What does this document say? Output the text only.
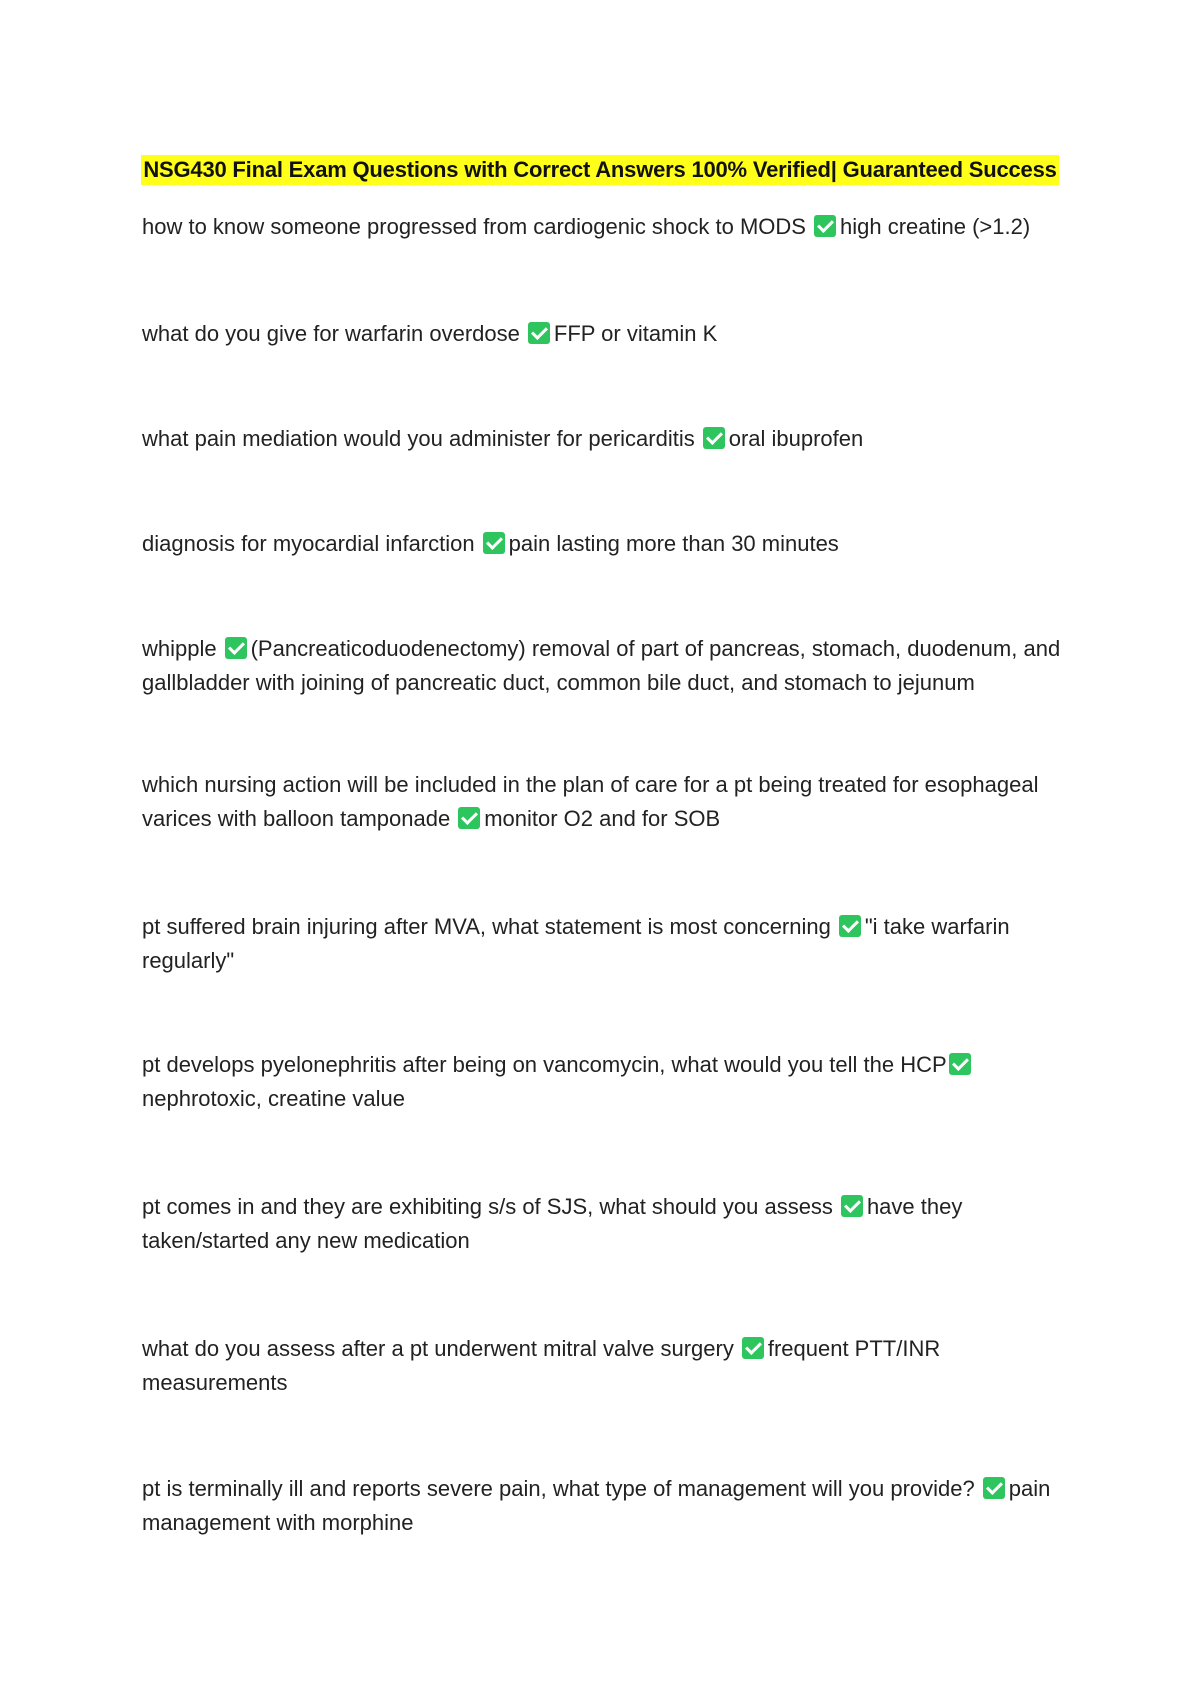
NSG430 Final Exam Questions with Correct Answers 100% Verified| Guaranteed Success

how to know someone progressed from cardiogenic shock to MODS high creatine (>1.2)

what do you give for warfarin overdose FFP or vitamin K

what pain mediation would you administer for pericarditis oral ibuprofen

diagnosis for myocardial infarction pain lasting more than 30 minutes

whipple (Pancreaticoduodenectomy) removal of part of pancreas, stomach, duodenum, and gallbladder with joining of pancreatic duct, common bile duct, and stomach to jejunum

which nursing action will be included in the plan of care for a pt being treated for esophageal varices with balloon tamponade monitor O2 and for SOB

pt suffered brain injuring after MVA, what statement is most concerning "i take warfarin regularly"

pt develops pyelonephritis after being on vancomycin, what would you tell the HCPnephrotoxic, creatine value

pt comes in and they are exhibiting s/s of SJS, what should you assess have they taken/started any new medication

what do you assess after a pt underwent mitral valve surgery frequent PTT/INR measurements

pt is terminally ill and reports severe pain, what type of management will you provide? pain management with morphine
